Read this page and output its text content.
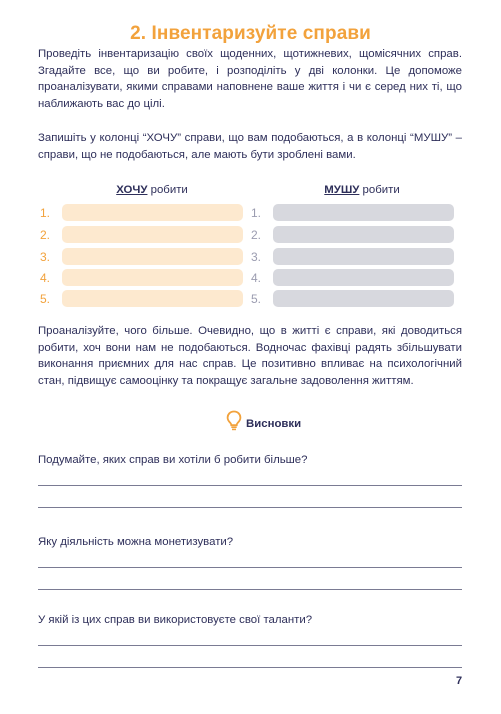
2. Інвентаризуйте справи
Проведіть інвентаризацію своїх щоденних, щотижневих, щомісячних справ. Згадайте все, що ви робите, і розподіліть у дві колонки. Це допоможе проаналізувати, якими справами наповнене ваше життя і чи є серед них ті, що наближають вас до цілі.
Запишіть у колонці “ХОЧУ” справи, що вам подобаються, а в колонці “МУШУ” – справи, що не подобаються, але мають бути зроблені вами.
ХОЧУ робити	МУШУ робити
1.
2.
3.
4.
5.
1.
2.
3.
4.
5.
Проаналізуйте, чого більше. Очевидно, що в житті є справи, які доводиться робити, хоч вони нам не подобаються. Водночас фахівці радять збільшувати виконання приємних для нас справ. Це позитивно впливає на психологічний стан, підвищує самооцінку та покращує загальне задоволення життям.
Висновки
Подумайте, яких справ ви хотіли б робити більше?
Яку діяльність можна монетизувати?
У якій із цих справ ви використовуєте свої таланти?
7
